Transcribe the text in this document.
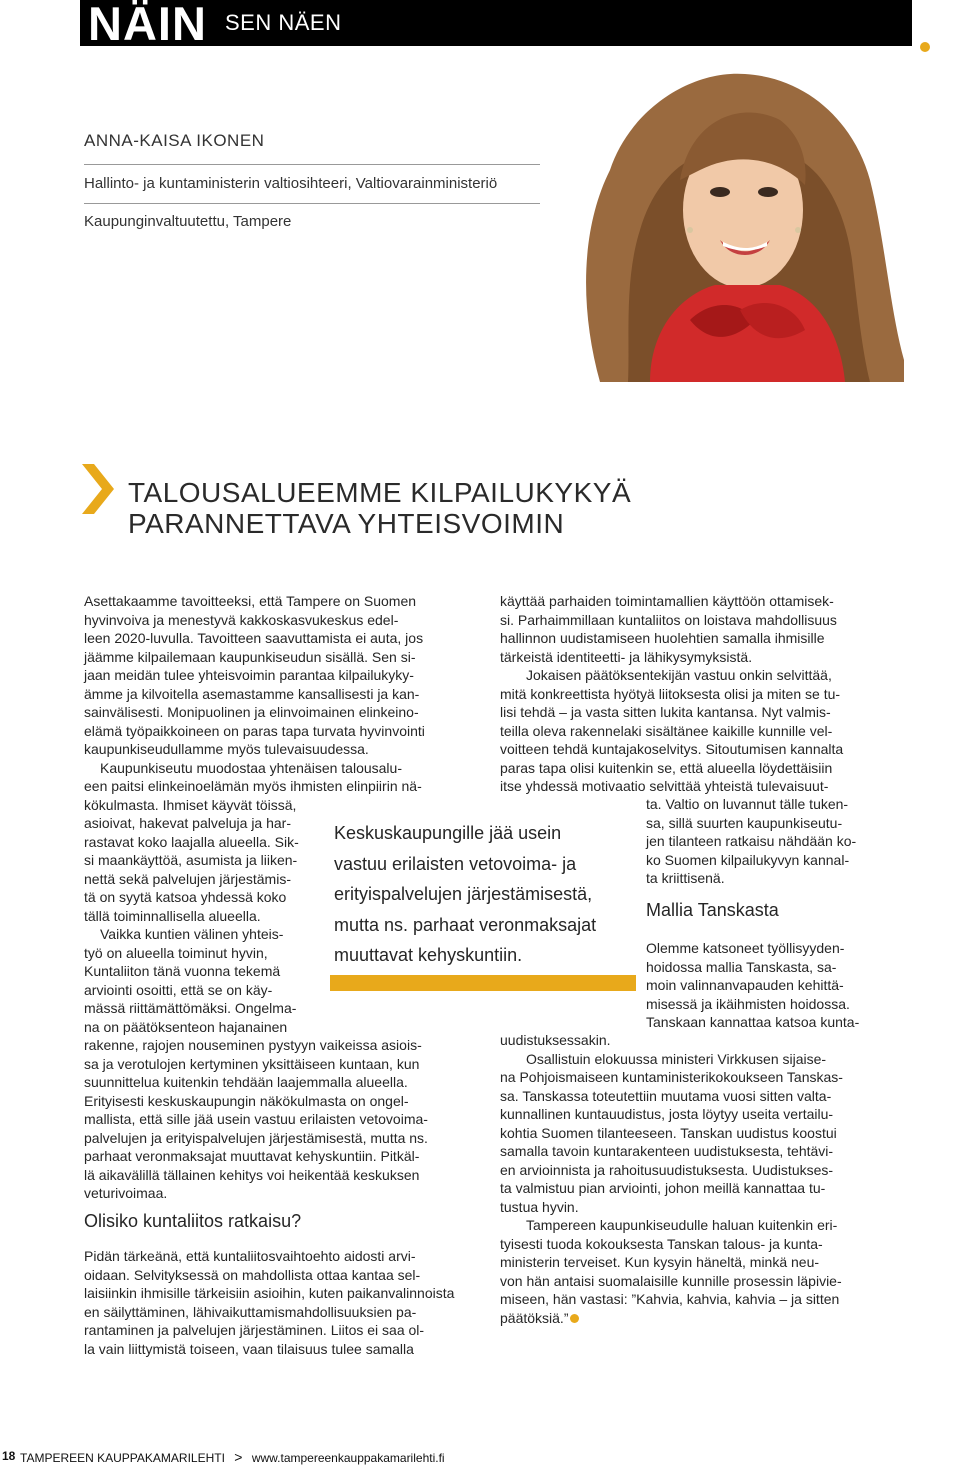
NÄIN SEN NÄEN
ANNA-KAISA IKONEN
Hallinto- ja kuntaministerin valtiosihteeri, Valtiovarainministeriö
Kaupunginvaltuutettu, Tampere
TALOUSALUEEMME KILPAILUKYKYÄ
PARANNETTAVA YHTEISVOIMIN

Asettakaamme tavoitteeksi, että Tampere on Suomen
hyvinvoiva ja menestyvä kakkoskasvukeskus edel-
leen 2020-luvulla. Tavoitteen saavuttamista ei auta, jos
jäämme kilpailemaan kaupunkiseudun sisällä. Sen si-
jaan meidän tulee yhteisvoimin parantaa kilpailukyky-
ämme ja kilvoitella asemastamme kansallisesti ja kan-
sainvälisesti. Monipuolinen ja elinvoimainen elinkeino-
elämä työpaikkoineen on paras tapa turvata hyvinvointi
kaupunkiseudullamme myös tulevaisuudessa.

Kaupunkiseutu muodostaa yhtenäisen talousalu-
een paitsi elinkeinoelämän myös ihmisten elinpiirin nä-
kökulmasta. Ihmiset käyvät töissä,
asioivat, hakevat palveluja ja har-
rastavat koko laajalla alueella. Sik-
si maankäyttöä, asumista ja liiken-
nettä sekä palvelujen järjestämis-
tä on syytä katsoa yhdessä koko
tällä toiminnallisella alueella.

Vaikka kuntien välinen yhteis-
työ on alueella toiminut hyvin,
Kuntaliiton tänä vuonna tekemä
arviointi osoitti, että se on käy-
mässä riittämättömäksi. Ongelma-
na on päätöksenteon hajanainen
rakenne, rajojen nouseminen pystyyn vaikeissa asiois-
sa ja verotulojen kertyminen yksittäiseen kuntaan, kun
suunnittelua kuitenkin tehdään laajemmalla alueella.
Erityisesti keskuskaupungin näkökulmasta on ongel-
mallista, että sille jää usein vastuu erilaisten vetovoima-
palvelujen ja erityispalvelujen järjestämisestä, mutta ns.
parhaat veronmaksajat muuttavat kehyskuntiin. Pitkäl-
lä aikavälillä tällainen kehitys voi heikentää keskuksen
veturivoimaa.

Olisiko kuntaliitos ratkaisu?

Pidän tärkeänä, että kuntaliitosvaihtoehto aidosti arvi-
oidaan. Selvityksessä on mahdollista ottaa kantaa sel-
laisiinkin ihmisille tärkeisiin asioihin, kuten paikanvalinnoista
en säilyttäminen, lähivaikuttamismahdollisuuksien pa-
rantaminen ja palvelujen järjestäminen. Liitos ei saa ol-
la vain liittymistä toiseen, vaan tilaisuus tulee samalla

Keskuskaupungille jää usein
vastuu erilaisten vetovoima- ja
erityispalvelujen järjestämisestä,
mutta ns. parhaat veronmaksajat
muuttavat kehyskuntiin.

käyttää parhaiden toimintamallien käyttöön ottamisek-
si. Parhaimmillaan kuntaliitos on loistava mahdollisuus
hallinnon uudistamiseen huolehtien samalla ihmisille
tärkeistä identiteetti- ja lähikysymyksistä.

Jokaisen päätöksentekijän vastuu onkin selvittää,
mitä konkreettista hyötyä liitoksesta olisi ja miten se tu-
lisi tehdä – ja vasta sitten lukita kantansa. Nyt valmis-
teilla oleva rakennelaki sisältänee kaikille kunnille vel-
voitteen tehdä kuntajakoselvitys. Sitoutumisen kannalta
paras tapa olisi kuitenkin se, että alueella löydettäisiin
itse yhdessä motivaatio selvittää yhteistä tulevaisuut-

ta. Valtio on luvannut tälle tuken-
sa, sillä suurten kaupunkiseutu-
jen tilanteen ratkaisu nähdään ko-
ko Suomen kilpailukyvyn kannal-
ta kriittisenä.

Mallia Tanskasta

Olemme katsoneet työllisyyden-
hoidossa mallia Tanskasta, sa-
moin valinnanvapauden kehittä-
misessä ja ikäihmisten hoidossa.
Tanskaan kannattaa katsoa kunta-

uudistuksessakin.

Osallistuin elokuussa ministeri Virkkusen sijaise-
na Pohjoismaiseen kuntaministerikokoukseen Tanskas-
sa. Tanskassa toteutettiin muutama vuosi sitten valta-
kunnallinen kuntauudistus, josta löytyy useita vertailu-
kohtia Suomen tilanteeseen. Tanskan uudistus koostui
samalla tavoin kuntarakenteen uudistuksesta, tehtävi-
en arvioinnista ja rahoitusuudistuksesta. Uudistukses-
ta valmistuu pian arviointi, johon meillä kannattaa tu-
tustua hyvin.

Tampereen kaupunkiseudulle haluan kuitenkin eri-
tyisesti tuoda kokouksesta Tanskan talous- ja kunta-
ministerin terveiset. Kun kysyin häneltä, minkä neu-
von hän antaisi suomalaisille kunnille prosessin läpivie-
miseen, hän vastasi: ”Kahvia, kahvia, kahvia – ja sitten
päätöksiä.”

18 TAMPEREEN KAUPPAKAMARILEHTI > www.tampereenkauppakamarilehti.fi
